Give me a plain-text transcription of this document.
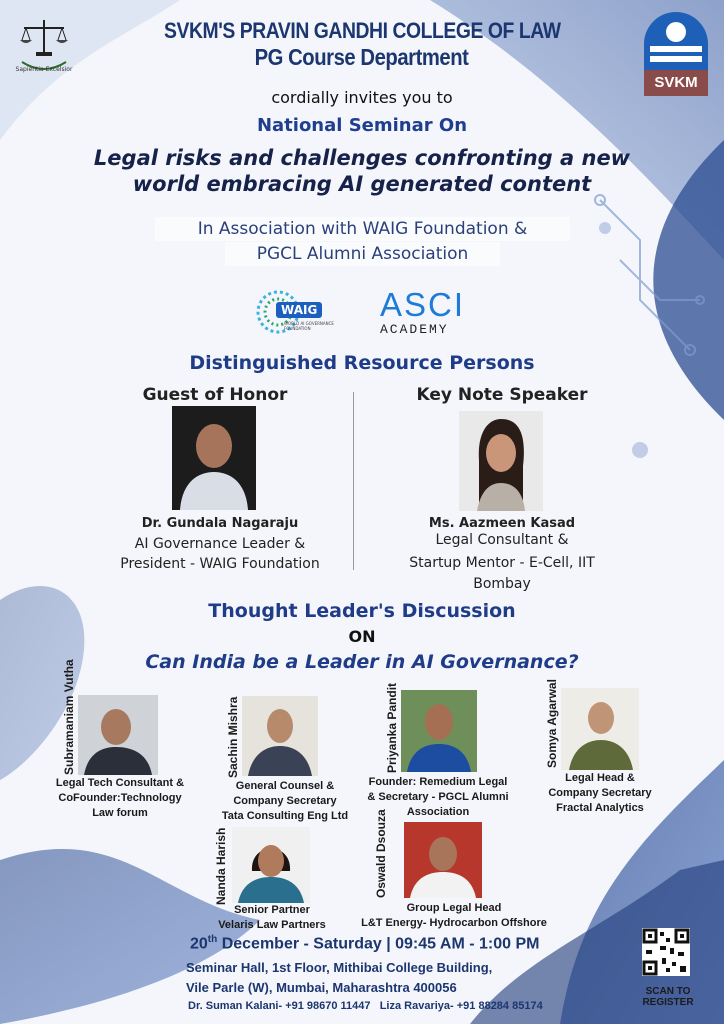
Sapientia Excelsior
SVKM
SVKM'S PRAVIN GANDHI COLLEGE OF LAW
PG Course Department
cordially invites you to
National Seminar On
Legal risks and challenges confronting a new
world embracing AI generated content
In Association with WAIG Foundation &
PGCL Alumni Association
WAIG
WORLD AI GOVERNANCE FOUNDATION
ASCI
ACADEMY
Distinguished Resource Persons
Guest of Honor	Key Note Speaker
Dr. Gundala Nagaraju
AI Governance Leader &
President - WAIG Foundation
Ms. Aazmeen Kasad
Legal Consultant &
Startup Mentor - E-Cell, IIT
Bombay
Thought Leader's Discussion
ON
Can India be a Leader in AI Governance?
Subramaniam Vutha
Legal Tech Consultant &
CoFounder:Technology
Law forum
Sachin Mishra
General Counsel &
Company Secretary
Tata Consulting Eng Ltd
Priyanka Pandit
Founder: Remedium Legal
& Secretary - PGCL Alumni
Association
Somya Agarwal
Legal Head &
Company Secretary
Fractal Analytics
Nanda Harish
Senior Partner
Velaris Law Partners
Oswald Dsouza
Group Legal Head
L&T Energy- Hydrocarbon Offshore
20th December - Saturday | 09:45 AM - 1:00 PM
Seminar Hall, 1st Floor, Mithibai College Building,
Vile Parle (W), Mumbai, Maharashtra 400056
Dr. Suman Kalani- +91 98670 11447   Liza Ravariya- +91 88284 85174
SCAN TO REGISTER
